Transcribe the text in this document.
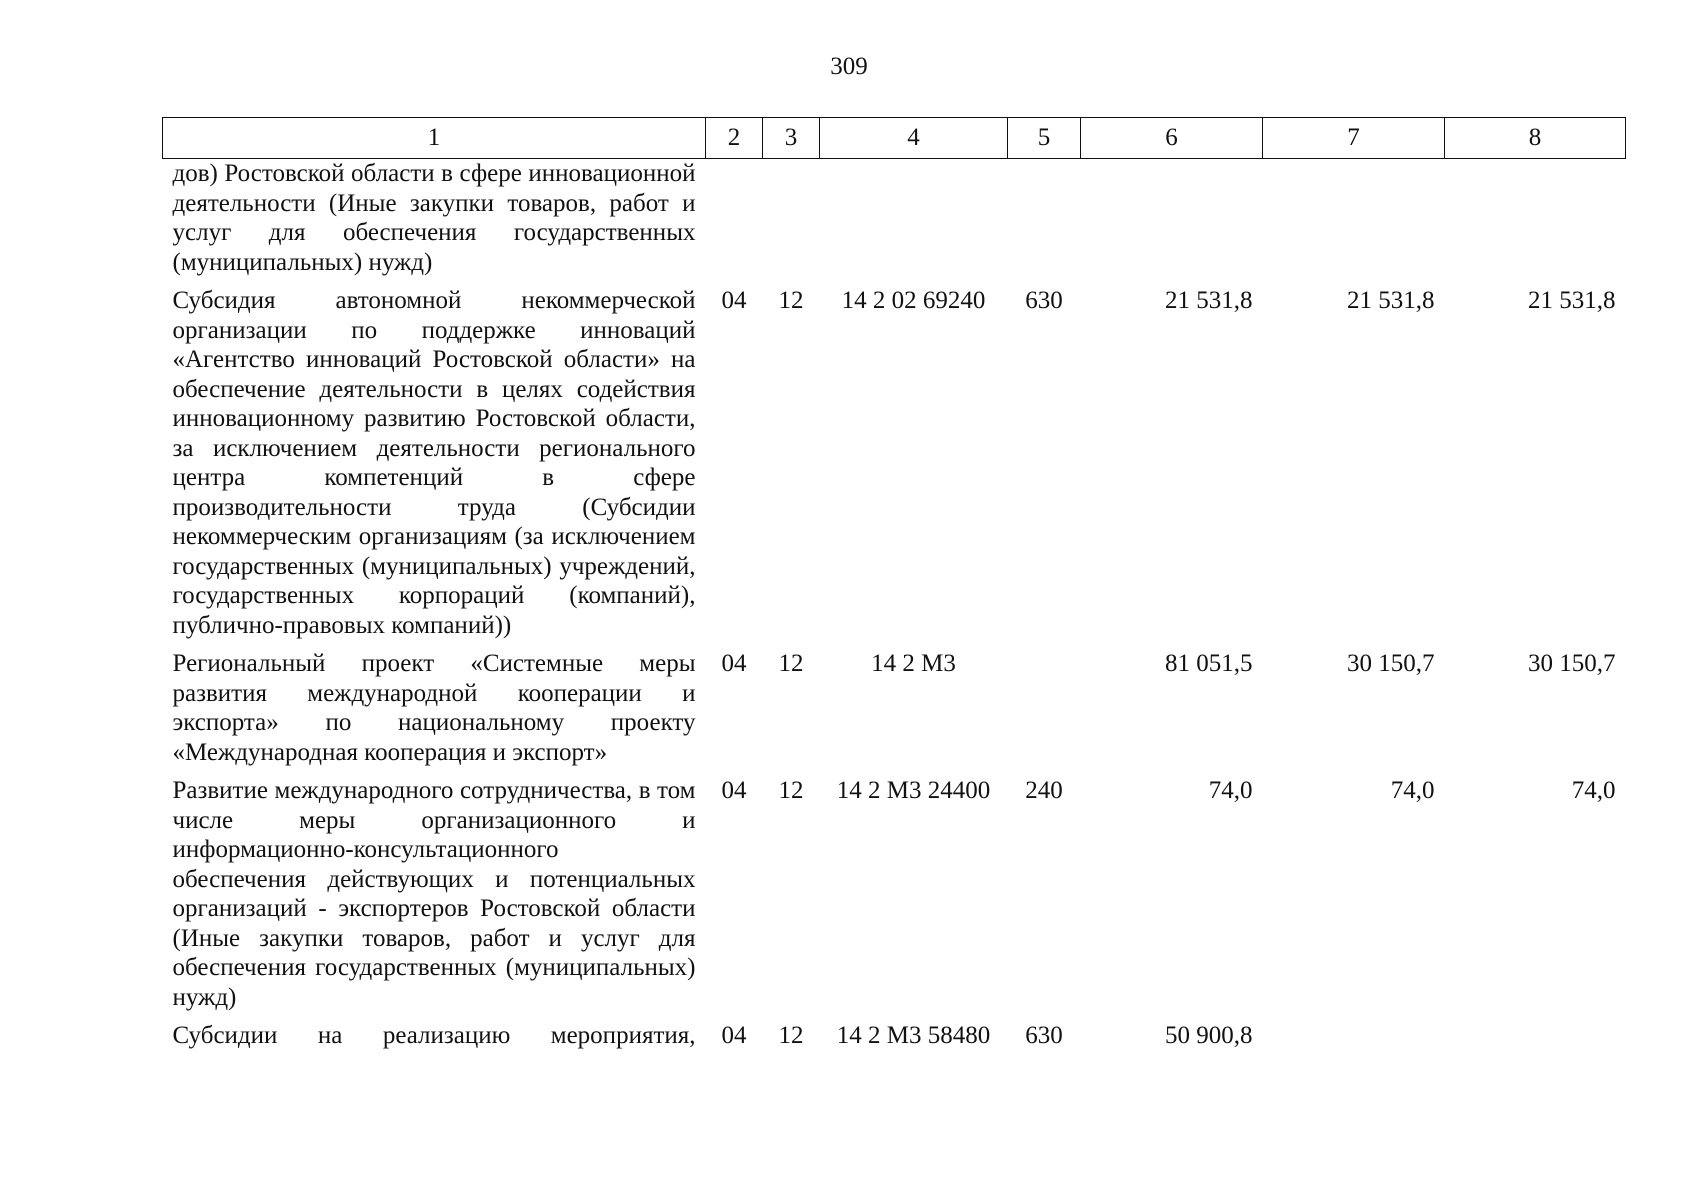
309
1	2	3	4	5	6	7	8
дов) Ростовской области в сфере инновационной деятельности (Иные закупки товаров, работ и услуг для обеспечения государственных (муниципальных) нужд)							
Субсидия автономной некоммерческой организации по поддержке инноваций «Агентство инноваций Ростовской области» на обеспечение деятельности в целях содействия инновационному развитию Ростовской области, за исключением деятельности регионального центра компетенций в сфере производительности труда (Субсидии некоммерческим организациям (за исключением государственных (муниципальных) учреждений, государственных корпораций (компаний), публично-правовых компаний))	04	12	14 2 02 69240	630	21 531,8	21 531,8	21 531,8
Региональный проект «Системные меры развития международной кооперации и экспорта» по национальному проекту «Международная кооперация и экспорт»	04	12	14 2 M3		81 051,5	30 150,7	30 150,7
Развитие международного сотрудничества, в том числе меры организационного и информационно-консультационного обеспечения действующих и потенциальных организаций - экспортеров Ростовской области (Иные закупки товаров, работ и услуг для обеспечения государственных (муниципальных) нужд)	04	12	14 2 M3 24400	240	74,0	74,0	74,0
Субсидии на реализацию мероприятия,	04	12	14 2 M3 58480	630	50 900,8		
